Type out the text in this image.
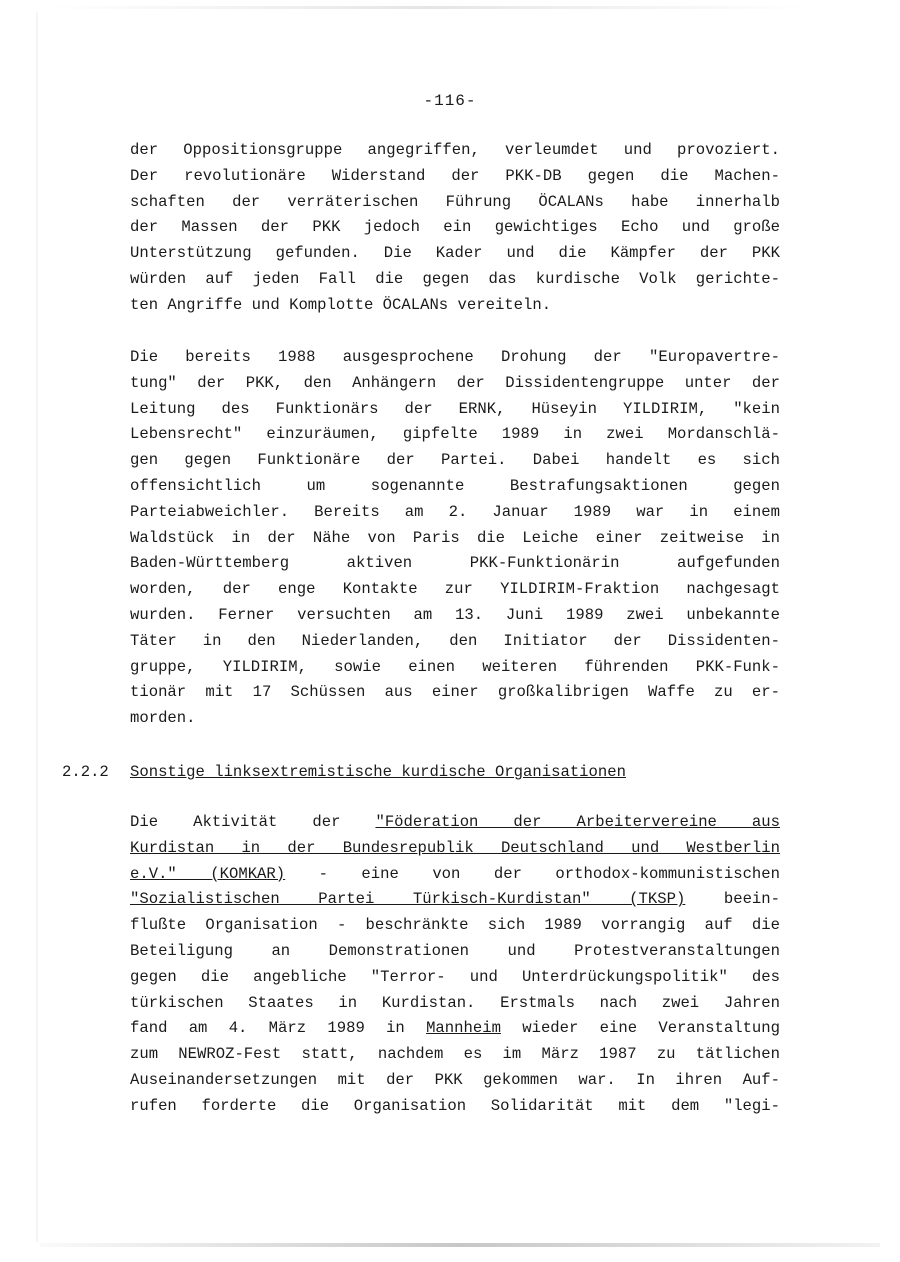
-116-
der Oppositionsgruppe angegriffen, verleumdet und provoziert.
Der revolutionäre Widerstand der PKK-DB gegen die Machen-
schaften der verräterischen Führung ÖCALANs habe innerhalb
der Massen der PKK jedoch ein gewichtiges Echo und große
Unterstützung gefunden. Die Kader und die Kämpfer der PKK
würden auf jeden Fall die gegen das kurdische Volk gerichte-
ten Angriffe und Komplotte ÖCALANs vereiteln.
Die bereits 1988 ausgesprochene Drohung der "Europavertre-
tung" der PKK, den Anhängern der Dissidentengruppe unter der
Leitung des Funktionärs der ERNK, Hüseyin YILDIRIM, "kein
Lebensrecht" einzuräumen, gipfelte 1989 in zwei Mordanschlä-
gen gegen Funktionäre der Partei. Dabei handelt es sich
offensichtlich um sogenannte Bestrafungsaktionen gegen
Parteiabweichler. Bereits am 2. Januar 1989 war in einem
Waldstück in der Nähe von Paris die Leiche einer zeitweise in
Baden-Württemberg aktiven PKK-Funktionärin aufgefunden
worden, der enge Kontakte zur YILDIRIM-Fraktion nachgesagt
wurden. Ferner versuchten am 13. Juni 1989 zwei unbekannte
Täter in den Niederlanden, den Initiator der Dissidenten-
gruppe, YILDIRIM, sowie einen weiteren führenden PKK-Funk-
tionär mit 17 Schüssen aus einer großkalibrigen Waffe zu er-
morden.
2.2.2 Sonstige linksextremistische kurdische Organisationen
Die Aktivität der "Föderation der Arbeitervereine aus
Kurdistan in der Bundesrepublik Deutschland und Westberlin
e.V." (KOMKAR) - eine von der orthodox-kommunistischen
"Sozialistischen Partei Türkisch-Kurdistan" (TKSP) beein-
flußte Organisation - beschränkte sich 1989 vorrangig auf die
Beteiligung an Demonstrationen und Protestveranstaltungen
gegen die angebliche "Terror- und Unterdrückungspolitik" des
türkischen Staates in Kurdistan. Erstmals nach zwei Jahren
fand am 4. März 1989 in Mannheim wieder eine Veranstaltung
zum NEWROZ-Fest statt, nachdem es im März 1987 zu tätlichen
Auseinandersetzungen mit der PKK gekommen war. In ihren Auf-
rufen forderte die Organisation Solidarität mit dem "legi-
